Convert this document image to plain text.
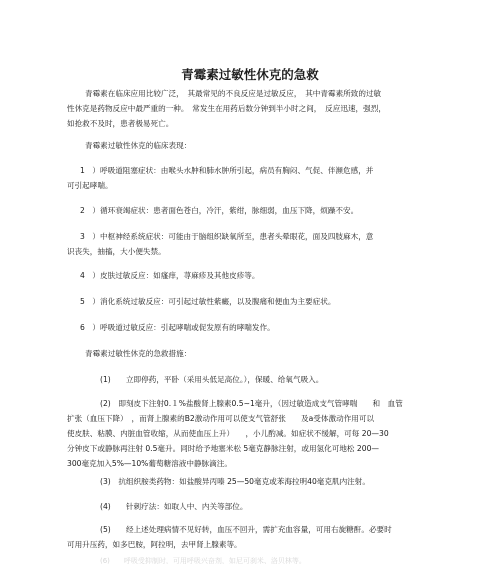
青霉素过敏性休克的急救
青霉素在临床应用比较广泛，　其最常见的不良反应是过敏反应，　其中青霉素所致的过敏
性休克是药物反应中最严重的一种。　常发生在用药后数分钟到半小时之间，　反应迅速，强烈，
如抢救不及时，患者极易死亡。
青霉素过敏性休克的临床表现：
1　）呼吸道阻塞症状：由喉头水肿和肺水肿所引起，病员有胸闷、气促、伴濒危感，并
可引起哮喘。
2　）循环衰竭症状：患者面色苍白，冷汗，紫绀，脉细弱，血压下降，烦躁不安。
3　）中枢神经系统症状：可能由于脑组织缺氧所至，患者头晕眼花，面及四肢麻木，意
识丧失，抽搐，大小便失禁。
4　）皮肤过敏反应：如瘙痒，荨麻疹及其他皮疹等。
5　）消化系统过敏反应：可引起过敏性紫癜，以及腹痛和便血为主要症状。
6　）呼吸道过敏反应：引起哮喘或促发原有的哮喘发作。
青霉素过敏性休克的急救措施：
(1)　　立即停药，平卧（采用头低足高位。），保暖、给氧气吸入。
(2)　即刻皮下注射0.１%盐酸肾上腺素0.5~1毫升，（因过敏造成支气管哮喘　　和　血管
扩张（血压下降）　，而肾上腺素的B2激动作用可以使支气管舒张　　及a受体激动作用可以
使皮肤、粘膜、内脏血管收缩，从而使血压上升）　　，小儿酌减。如症状不缓解，可每 20—30
分钟皮下或静脉再注射 0.5毫升。同时给予地塞米松 5毫克静脉注射，或用氢化可地松 200—
300毫克加入5%—10%葡萄糖溶液中静脉滴注。
(3)　抗组织胺类药物：如盐酸异丙嗪 25—50毫克或苯海拉明40毫克肌内注射。
(4)　　针刺疗法：如取人中、内关等部位。
(5)　　经上述处理病情不见好转，血压不回升，需扩充血容量，可用右旋糖酐。必要时
可用升压药，如多巴胺，阿拉明，去甲肾上腺素等。
(6)　　呼吸受抑制时，可用呼吸兴奋剂，如尼可刹米、洛贝林等。
